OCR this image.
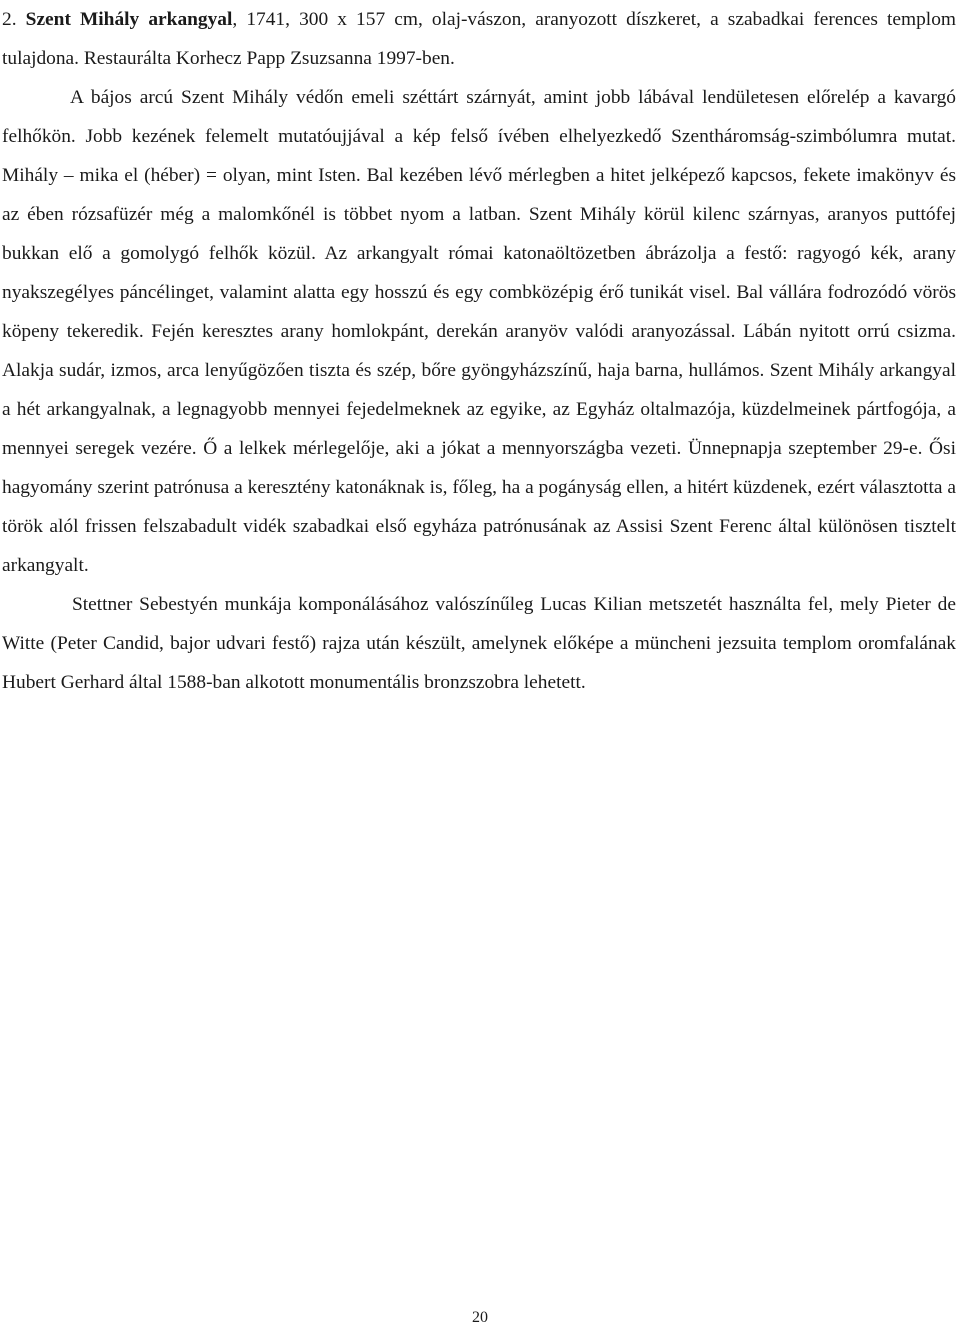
2. Szent Mihály arkangyal, 1741, 300 x 157 cm, olaj-vászon, aranyozott díszkeret, a szabadkai ferences templom tulajdona. Restaurálta Korhecz Papp Zsuzsanna 1997-ben.
A bájos arcú Szent Mihály védőn emeli széttárt szárnyát, amint jobb lábával lendületesen előrelép a kavargó felhőkön. Jobb kezének felemelt mutatóujjával a kép felső ívében elhelyezkedő Szentháromság-szimbólumra mutat. Mihály – mika el (héber) = olyan, mint Isten. Bal kezében lévő mérlegben a hitet jelképező kapcsos, fekete imakönyv és az ében rózsafüzér még a malomkőnél is többet nyom a latban. Szent Mihály körül kilenc szárnyas, aranyos puttófej bukkan elő a gomolygó felhők közül. Az arkangyalt római katonaöltözetben ábrázolja a festő: ragyogó kék, arany nyakszegélyes páncélinget, valamint alatta egy hosszú és egy combközépig érő tunikát visel. Bal vállára fodrozódó vörös köpeny tekeredik. Fején keresztes arany homlokpánt, derekán aranyöv valódi aranyozással. Lábán nyitott orrú csizma. Alakja sudár, izmos, arca lenyűgözően tiszta és szép, bőre gyöngyházszínű, haja barna, hullámos. Szent Mihály arkangyal a hét arkangyalnak, a legnagyobb mennyei fejedelmeknek az egyike, az Egyház oltalmazója, küzdelmeinek pártfogója, a mennyei seregek vezére. Ő a lelkek mérlegelője, aki a jókat a mennyországba vezeti. Ünnepnapja szeptember 29-e. Ősi hagyomány szerint patrónusa a keresztény katonáknak is, főleg, ha a pogányság ellen, a hitért küzdenek, ezért választotta a török alól frissen felszabadult vidék szabadkai első egyháza patrónusának az Assisi Szent Ferenc által különösen tisztelt arkangyalt.

Stettner Sebestyén munkája komponálásához valószínűleg Lucas Kilian metszetét használta fel, mely Pieter de Witte (Peter Candid, bajor udvari festő) rajza után készült, amelynek előképe a müncheni jezsuita templom oromfalának Hubert Gerhard által 1588-ban alkotott monumentális bronzszobra lehetett.

20
